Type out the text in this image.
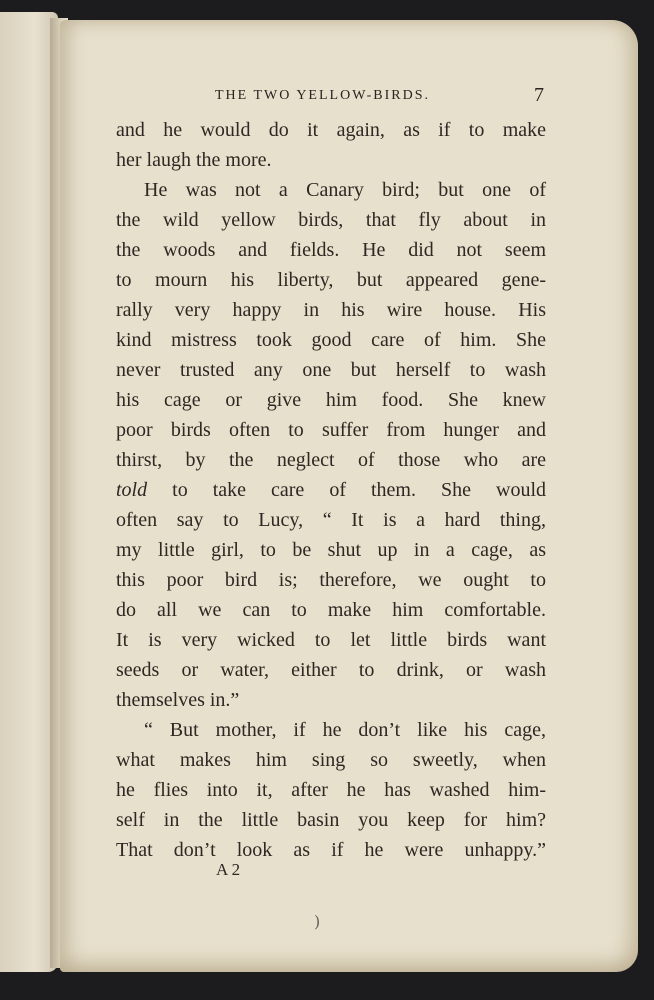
THE TWO YELLOW-BIRDS.	7
and he would do it again, as if to make
her laugh the more.
He was not a Canary bird; but one of
the wild yellow birds, that fly about in
the woods and fields. He did not seem
to mourn his liberty, but appeared gene-
rally very happy in his wire house. His
kind mistress took good care of him. She
never trusted any one but herself to wash
his cage or give him food. She knew
poor birds often to suffer from hunger and
thirst, by the neglect of those who are
told to take care of them. She would
often say to Lucy, “ It is a hard thing,
my little girl, to be shut up in a cage, as
this poor bird is; therefore, we ought to
do all we can to make him comfortable.
It is very wicked to let little birds want
seeds or water, either to drink, or wash
themselves in.”
“ But mother, if he don’t like his cage,
what makes him sing so sweetly, when
he flies into it, after he has washed him-
self in the little basin you keep for him?
That don’t look as if he were unhappy.”
A 2
)
